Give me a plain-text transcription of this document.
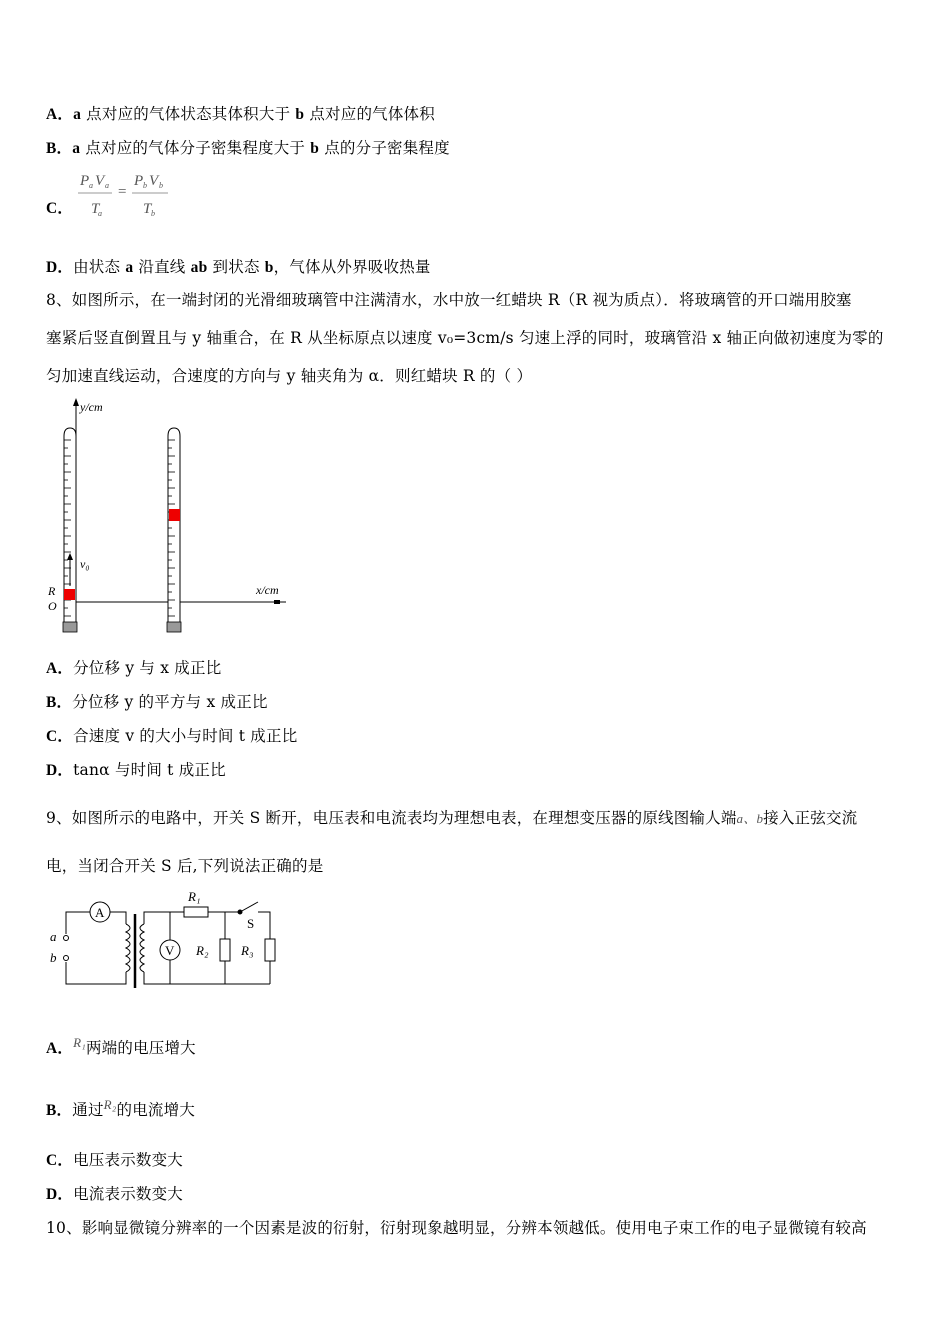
A．a 点对应的气体状态其体积大于 b 点对应的气体体积
B．a 点对应的气体分子密集程度大于 b 点的分子密集程度
C．
P a V a
T
a
=
P b V b
T b
D．由状态 a 沿直线 ab 到状态 b，气体从外界吸收热量
8、如图所示，在一端封闭的光滑细玻璃管中注满清水，水中放一红蜡块 R（R 视为质点）．将玻璃管的开口端用胶塞
塞紧后竖直倒置且与 y 轴重合，在 R 从坐标原点以速度 v₀=3cm/s 匀速上浮的同时，玻璃管沿 x 轴正向做初速度为零的
匀加速直线运动，合速度的方向与 y 轴夹角为 α．则红蜡块 R 的（ ）
y/cm
x/cm
v₀
R
O
A．分位移 y 与 x 成正比
B．分位移 y 的平方与 x 成正比
C．合速度 v 的大小与时间 t 成正比
D．tanα 与时间 t 成正比
9、如图所示的电路中，开关 S 断开，电压表和电流表均为理想电表，在理想变压器的原线图输人端a、b接入正弦交流
电，当闭合开关 S 后,下列说法正确的是
A
V
R₁
R₂	R₃
S
a
b
A．$^{R_1}$两端的电压增大
B．通过$^{R_2}$的电流增大
C．电压表示数变大
D．电流表示数变大
10、影响显微镜分辨率的一个因素是波的衍射，衍射现象越明显，分辨本领越低。使用电子束工作的电子显微镜有较高
